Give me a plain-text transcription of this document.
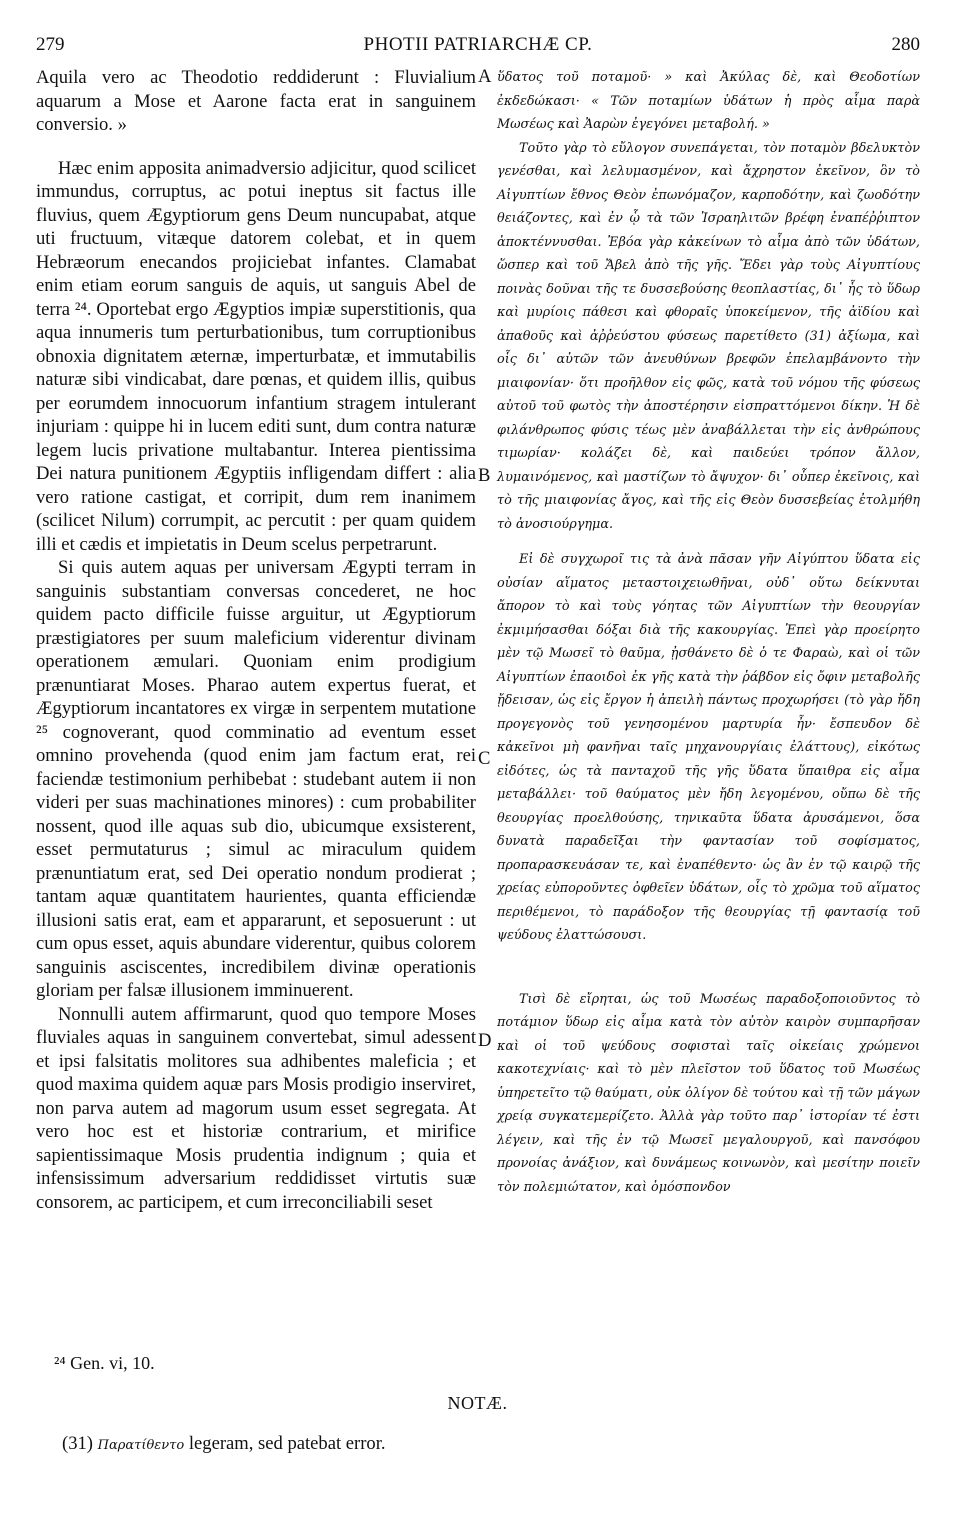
279	PHOTII PATRIARCHÆ CP.	280

Aquila vero ac Theodotio reddiderunt : Fluvialium aquarum a Mose et Aarone facta erat in sanguinem conversio. »

Hæc enim apposita animadversio adjicitur, quod scilicet immundus, corruptus, ac potui ineptus sit factus ille fluvius, quem Ægyptiorum gens Deum nuncupabat, atque uti fructuum, vitæque datorem colebat, et in quem Hebræorum enecandos projiciebat infantes. Clamabat enim etiam eorum sanguis de aquis, ut sanguis Abel de terra ²⁴. Oportebat ergo Ægyptios impiæ superstitionis, qua aqua innumeris tum perturbationibus, tum corruptionibus obnoxia dignitatem æternæ, imperturbatæ, et immutabilis naturæ sibi vindicabat, dare pœnas, et quidem illis, quibus per eorumdem innocuorum infantium stragem intulerant injuriam : quippe hi in lucem editi sunt, dum contra naturæ legem lucis privatione multabantur. Interea pientissima Dei natura punitionem Ægyptiis infligendam differt : alia vero ratione castigat, et corripit, dum rem inanimem (scilicet Nilum) corrumpit, ac percutit : per quam quidem illi et cædis et impietatis in Deum scelus perpetrarunt.

Si quis autem aquas per universam Ægypti terram in sanguinis substantiam conversas concederet, ne hoc quidem pacto difficile fuisse arguitur, ut Ægyptiorum præstigiatores per suum maleficium viderentur divinam operationem æmulari. Quoniam enim prodigium prænuntiarat Moses. Pharao autem expertus fuerat, et Ægyptiorum incantatores ex virgæ in serpentem mutatione ²⁵ cognoverant, quod comminatio ad eventum esset omnino provehenda (quod enim jam factum erat, rei faciendæ testimonium perhibebat : studebant autem ii non videri per suas machinationes minores) : cum probabiliter nossent, quod ille aquas sub dio, ubicumque exsisterent, esset permutaturus ; simul ac miraculum quidem prænuntiatum erat, sed Dei operatio nondum prodierat ; tantam aquæ quantitatem haurientes, quanta efficiendæ illusioni satis erat, eam et appararunt, et seposuerunt : ut cum opus esset, aquis abundare viderentur, quibus colorem sanguinis asciscentes, incredibilem divinæ operationis gloriam per falsæ illusionem imminuerent.

Nonnulli autem affirmarunt, quod quo tempore Moses fluviales aquas in sanguinem convertebat, simul adessent et ipsi falsitatis molitores sua adhibentes maleficia ; et quod maxima quidem aquæ pars Mosis prodigio inserviret, non parva autem ad magorum usum esset segregata. At vero hoc est et historiæ contrarium, et mirifice sapientissimaque Mosis prudentia indignum ; quia et infensissimum adversarium reddidisset virtutis suæ consorem, ac participem, et cum irreconciliabili seset

A
B
C
D

ὕδατος τοῦ ποταμοῦ· » καὶ Ἀκύλας δὲ, καὶ Θεοδοτίων ἐκδεδώκασι· « Τῶν ποταμίων ὑδάτων ἡ πρὸς αἷμα παρὰ Μωσέως καὶ Ἀαρὼν ἐγεγόνει μεταβολή. »

Τοῦτο γὰρ τὸ εὔλογον συνεπάγεται, τὸν ποταμὸν βδελυκτὸν γενέσθαι, καὶ λελυμασμένον, καὶ ἄχρηστον ἐκεῖνον, ὃν τὸ Αἰγυπτίων ἔθνος Θεὸν ἐπωνόμαζον, καρποδότην, καὶ ζωοδότην θειάζοντες, καὶ ἐν ᾧ τὰ τῶν Ἰσραηλιτῶν βρέφη ἐναπέῤῥιπτον ἀποκτέννυσθαι. Ἐβόα γὰρ κἀκείνων τὸ αἷμα ἀπὸ τῶν ὑδάτων, ὥσπερ καὶ τοῦ Ἄβελ ἀπὸ τῆς γῆς. Ἔδει γὰρ τοὺς Αἰγυπτίους ποινὰς δοῦναι τῆς τε δυσσεβούσης θεοπλαστίας, δι᾽ ἧς τὸ ὕδωρ καὶ μυρίοις πάθεσι καὶ φθοραῖς ὑποκείμενον, τῆς ἀϊδίου καὶ ἀπαθοῦς καὶ ἀῤῥεύστου φύσεως παρετίθετο (31) ἀξίωμα, καὶ οἷς δι᾽ αὐτῶν τῶν ἀνευθύνων βρεφῶν ἐπελαμβάνοντο τὴν μιαιφονίαν· ὅτι προῆλθον εἰς φῶς, κατὰ τοῦ νόμου τῆς φύσεως αὐτοῦ τοῦ φωτὸς τὴν ἀποστέρησιν εἰσπραττόμενοι δίκην. Ἡ δὲ φιλάνθρωπος φύσις τέως μὲν ἀναβάλλεται τὴν εἰς ἀνθρώπους τιμωρίαν· κολάζει δὲ, καὶ παιδεύει τρόπον ἄλλον, λυμαινόμενος, καὶ μαστίζων τὸ ἄψυχον· δι᾽ οὗπερ ἐκεῖνοις, καὶ τὸ τῆς μιαιφονίας ἄγος, καὶ τῆς εἰς Θεὸν δυσσεβείας ἐτολμήθη τὸ ἀνοσιούργημα.

Εἰ δὲ συγχωροῖ τις τὰ ἀνὰ πᾶσαν γῆν Αἰγύπτου ὕδατα εἰς οὐσίαν αἵματος μεταστοιχειωθῆναι, οὐδ᾽ οὕτω δείκνυται ἄπορον τὸ καὶ τοὺς γόητας τῶν Αἰγυπτίων τὴν θεουργίαν ἐκμιμήσασθαι δόξαι διὰ τῆς κακουργίας. Ἐπεὶ γὰρ προείρητο μὲν τῷ Μωσεῖ τὸ θαῦμα, ᾐσθάνετο δὲ ὁ τε Φαραὼ, καὶ οἱ τῶν Αἰγυπτίων ἐπαοιδοὶ ἐκ γῆς κατὰ τὴν ῥάβδον εἰς ὄφιν μεταβολῆς ᾔδεισαν, ὡς εἰς ἔργον ἡ ἀπειλὴ πάντως προχωρήσει (τὸ γὰρ ἤδη προγεγονὸς τοῦ γενησομένου μαρτυρία ἦν· ἔσπευδον δὲ κἀκεῖνοι μὴ φανῆναι ταῖς μηχανουργίαις ἐλάττους), εἰκότως εἰδότες, ὡς τὰ πανταχοῦ τῆς γῆς ὕδατα ὕπαιθρα εἰς αἷμα μεταβάλλει· τοῦ θαύματος μὲν ἤδη λεγομένου, οὔπω δὲ τῆς θεουργίας προελθούσης, τηνικαῦτα ὕδατα ἀρυσάμενοι, ὅσα δυνατὰ παραδεῖξαι τὴν φαντασίαν τοῦ σοφίσματος, προπαρασκευάσαν τε, καὶ ἐναπέθεντο· ὡς ἂν ἐν τῷ καιρῷ τῆς χρείας εὐποροῦντες ὀφθεῖεν ὑδάτων, οἷς τὸ χρῶμα τοῦ αἵματος περιθέμενοι, τὸ παράδοξον τῆς θεουργίας τῇ φαντασίᾳ τοῦ ψεύδους ἐλαττώσουσι.

Τισὶ δὲ εἴρηται, ὡς τοῦ Μωσέως παραδοξοποιοῦντος τὸ ποτάμιον ὕδωρ εἰς αἷμα κατὰ τὸν αὐτὸν καιρὸν συμπαρῆσαν καὶ οἱ τοῦ ψεύδους σοφισταὶ ταῖς οἰκείαις χρώμενοι κακοτεχνίαις· καὶ τὸ μὲν πλεῖστον τοῦ ὕδατος τοῦ Μωσέως ὑπηρετεῖτο τῷ θαύματι, οὐκ ὀλίγον δὲ τούτου καὶ τῇ τῶν μάγων χρείᾳ συγκατεμερίζετο. Ἀλλὰ γὰρ τοῦτο παρ᾽ ἱστορίαν τέ ἐστι λέγειν, καὶ τῆς ἐν τῷ Μωσεῖ μεγαλουργοῦ, καὶ πανσόφου προνοίας ἀνάξιον, καὶ δυνάμεως κοινωνὸν, καὶ μεσίτην ποιεῖν τὸν πολεμιώτατον, καὶ ὁμόσπονδον

²⁴ Gen. vi, 10.
NOTÆ.
(31) Παρατίθεντο legeram, sed patebat error.
